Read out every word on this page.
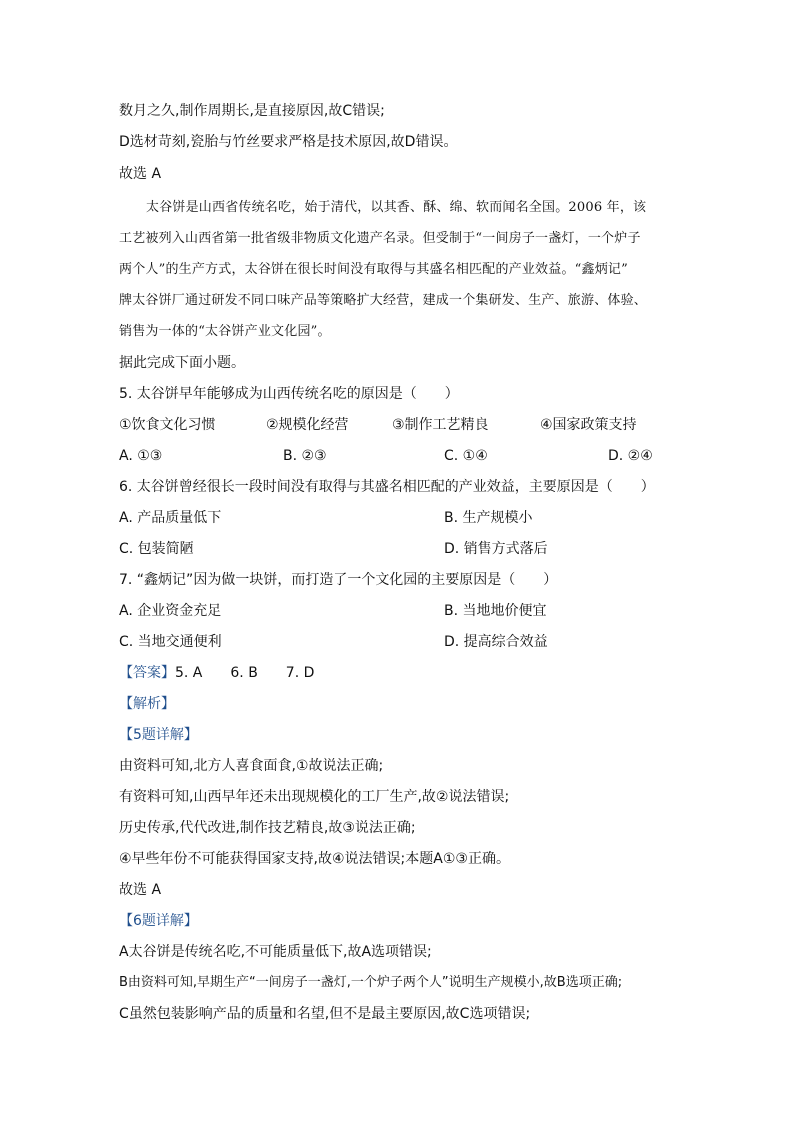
数月之久,制作周期长,是直接原因,故C错误;
D选材苛刻,瓷胎与竹丝要求严格是技术原因,故D错误。
故选 A
太谷饼是山西省传统名吃，始于清代，以其香、酥、绵、软而闻名全国。2006 年，该
工艺被列入山西省第一批省级非物质文化遗产名录。但受制于“一间房子一盏灯，一个炉子
两个人”的生产方式，太谷饼在很长时间没有取得与其盛名相匹配的产业效益。“鑫炳记”
牌太谷饼厂通过研发不同口味产品等策略扩大经营，建成一个集研发、生产、旅游、体验、
销售为一体的“太谷饼产业文化园”。
据此完成下面小题。
5. 太谷饼早年能够成为山西传统名吃的原因是（　　）
①饮食文化习惯	②规模化经营	③制作工艺精良	④国家政策支持
A. ①③	B. ②③	C. ①④	D. ②④
6. 太谷饼曾经很长一段时间没有取得与其盛名相匹配的产业效益，主要原因是（　　）
A. 产品质量低下	B. 生产规模小
C. 包装简陋	D. 销售方式落后
7. “鑫炳记”因为做一块饼，而打造了一个文化园的主要原因是（　　）
A. 企业资金充足	B. 当地地价便宜
C. 当地交通便利	D. 提高综合效益
【答案】5. A　　6. B　　7. D
【解析】
【5题详解】
由资料可知,北方人喜食面食,①故说法正确;
有资料可知,山西早年还未出现规模化的工厂生产,故②说法错误;
历史传承,代代改进,制作技艺精良,故③说法正确;
④早些年份不可能获得国家支持,故④说法错误;本题A①③正确。
故选 A
【6题详解】
A太谷饼是传统名吃,不可能质量低下,故A选项错误;
B由资料可知,早期生产“一间房子一盏灯,一个炉子两个人”说明生产规模小,故B选项正确;
C虽然包装影响产品的质量和名望,但不是最主要原因,故C选项错误;
